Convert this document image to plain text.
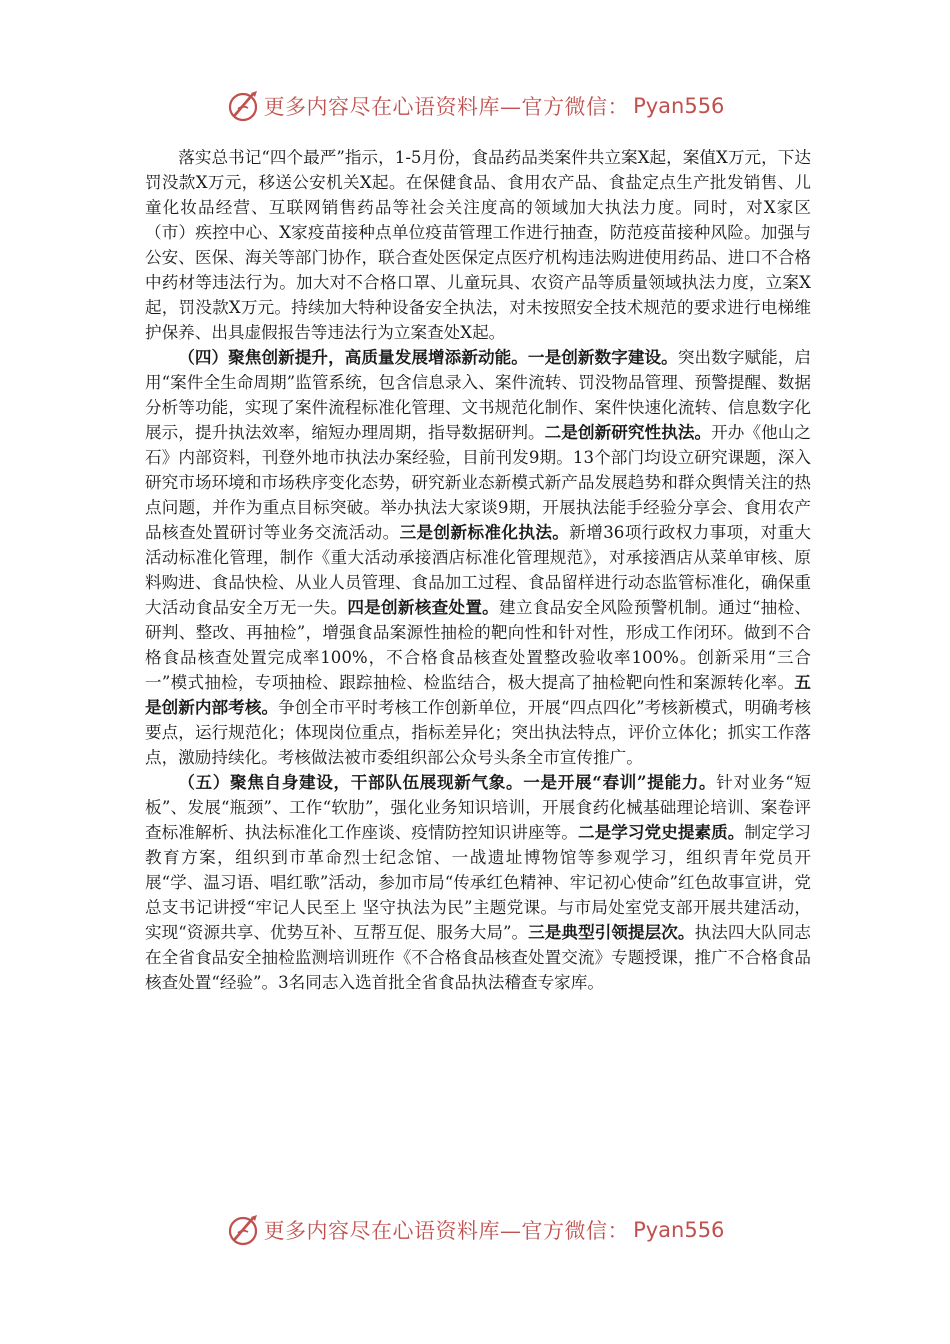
更多内容尽在心语资料库—官方微信： Pyan556

落实总书记“四个最严”指示，1-5月份，食品药品类案件共立案X起，案值X万元，下达罚没款X万元，移送公安机关X起。在保健食品、食用农产品、食盐定点生产批发销售、儿童化妆品经营、互联网销售药品等社会关注度高的领域加大执法力度。同时，对X家区（市）疾控中心、X家疫苗接种点单位疫苗管理工作进行抽查，防范疫苗接种风险。加强与公安、医保、海关等部门协作，联合查处医保定点医疗机构违法购进使用药品、进口不合格中药材等违法行为。加大对不合格口罩、儿童玩具、农资产品等质量领域执法力度，立案X起，罚没款X万元。持续加大特种设备安全执法，对未按照安全技术规范的要求进行电梯维护保养、出具虚假报告等违法行为立案查处X起。

（四）聚焦创新提升，高质量发展增添新动能。一是创新数字建设。突出数字赋能，启用“案件全生命周期”监管系统，包含信息录入、案件流转、罚没物品管理、预警提醒、数据分析等功能，实现了案件流程标准化管理、文书规范化制作、案件快速化流转、信息数字化展示，提升执法效率，缩短办理周期，指导数据研判。二是创新研究性执法。开办《他山之石》内部资料，刊登外地市执法办案经验，目前刊发9期。13个部门均设立研究课题，深入研究市场环境和市场秩序变化态势，研究新业态新模式新产品发展趋势和群众舆情关注的热点问题，并作为重点目标突破。举办执法大家谈9期，开展执法能手经验分享会、食用农产品核查处置研讨等业务交流活动。三是创新标准化执法。新增36项行政权力事项，对重大活动标准化管理，制作《重大活动承接酒店标准化管理规范》，对承接酒店从菜单审核、原料购进、食品快检、从业人员管理、食品加工过程、食品留样进行动态监管标准化，确保重大活动食品安全万无一失。四是创新核查处置。建立食品安全风险预警机制。通过“抽检、研判、整改、再抽检”，增强食品案源性抽检的靶向性和针对性，形成工作闭环。做到不合格食品核查处置完成率100%，不合格食品核查处置整改验收率100%。创新采用“三合一”模式抽检，专项抽检、跟踪抽检、检监结合，极大提高了抽检靶向性和案源转化率。五是创新内部考核。争创全市平时考核工作创新单位，开展“四点四化”考核新模式，明确考核要点，运行规范化；体现岗位重点，指标差异化；突出执法特点，评价立体化；抓实工作落点，激励持续化。考核做法被市委组织部公众号头条全市宣传推广。

（五）聚焦自身建设，干部队伍展现新气象。一是开展“春训”提能力。针对业务“短板”、发展“瓶颈”、工作“软肋”，强化业务知识培训，开展食药化械基础理论培训、案卷评查标准解析、执法标准化工作座谈、疫情防控知识讲座等。二是学习党史提素质。制定学习教育方案，组织到市革命烈士纪念馆、一战遗址博物馆等参观学习，组织青年党员开展“学、温习语、唱红歌”活动，参加市局“传承红色精神、牢记初心使命”红色故事宣讲，党总支书记讲授“牢记人民至上 坚守执法为民”主题党课。与市局处室党支部开展共建活动，实现“资源共享、优势互补、互帮互促、服务大局”。三是典型引领提层次。执法四大队同志在全省食品安全抽检监测培训班作《不合格食品核查处置交流》专题授课，推广不合格食品核查处置“经验”。3名同志入选首批全省食品执法稽查专家库。

更多内容尽在心语资料库—官方微信： Pyan556
